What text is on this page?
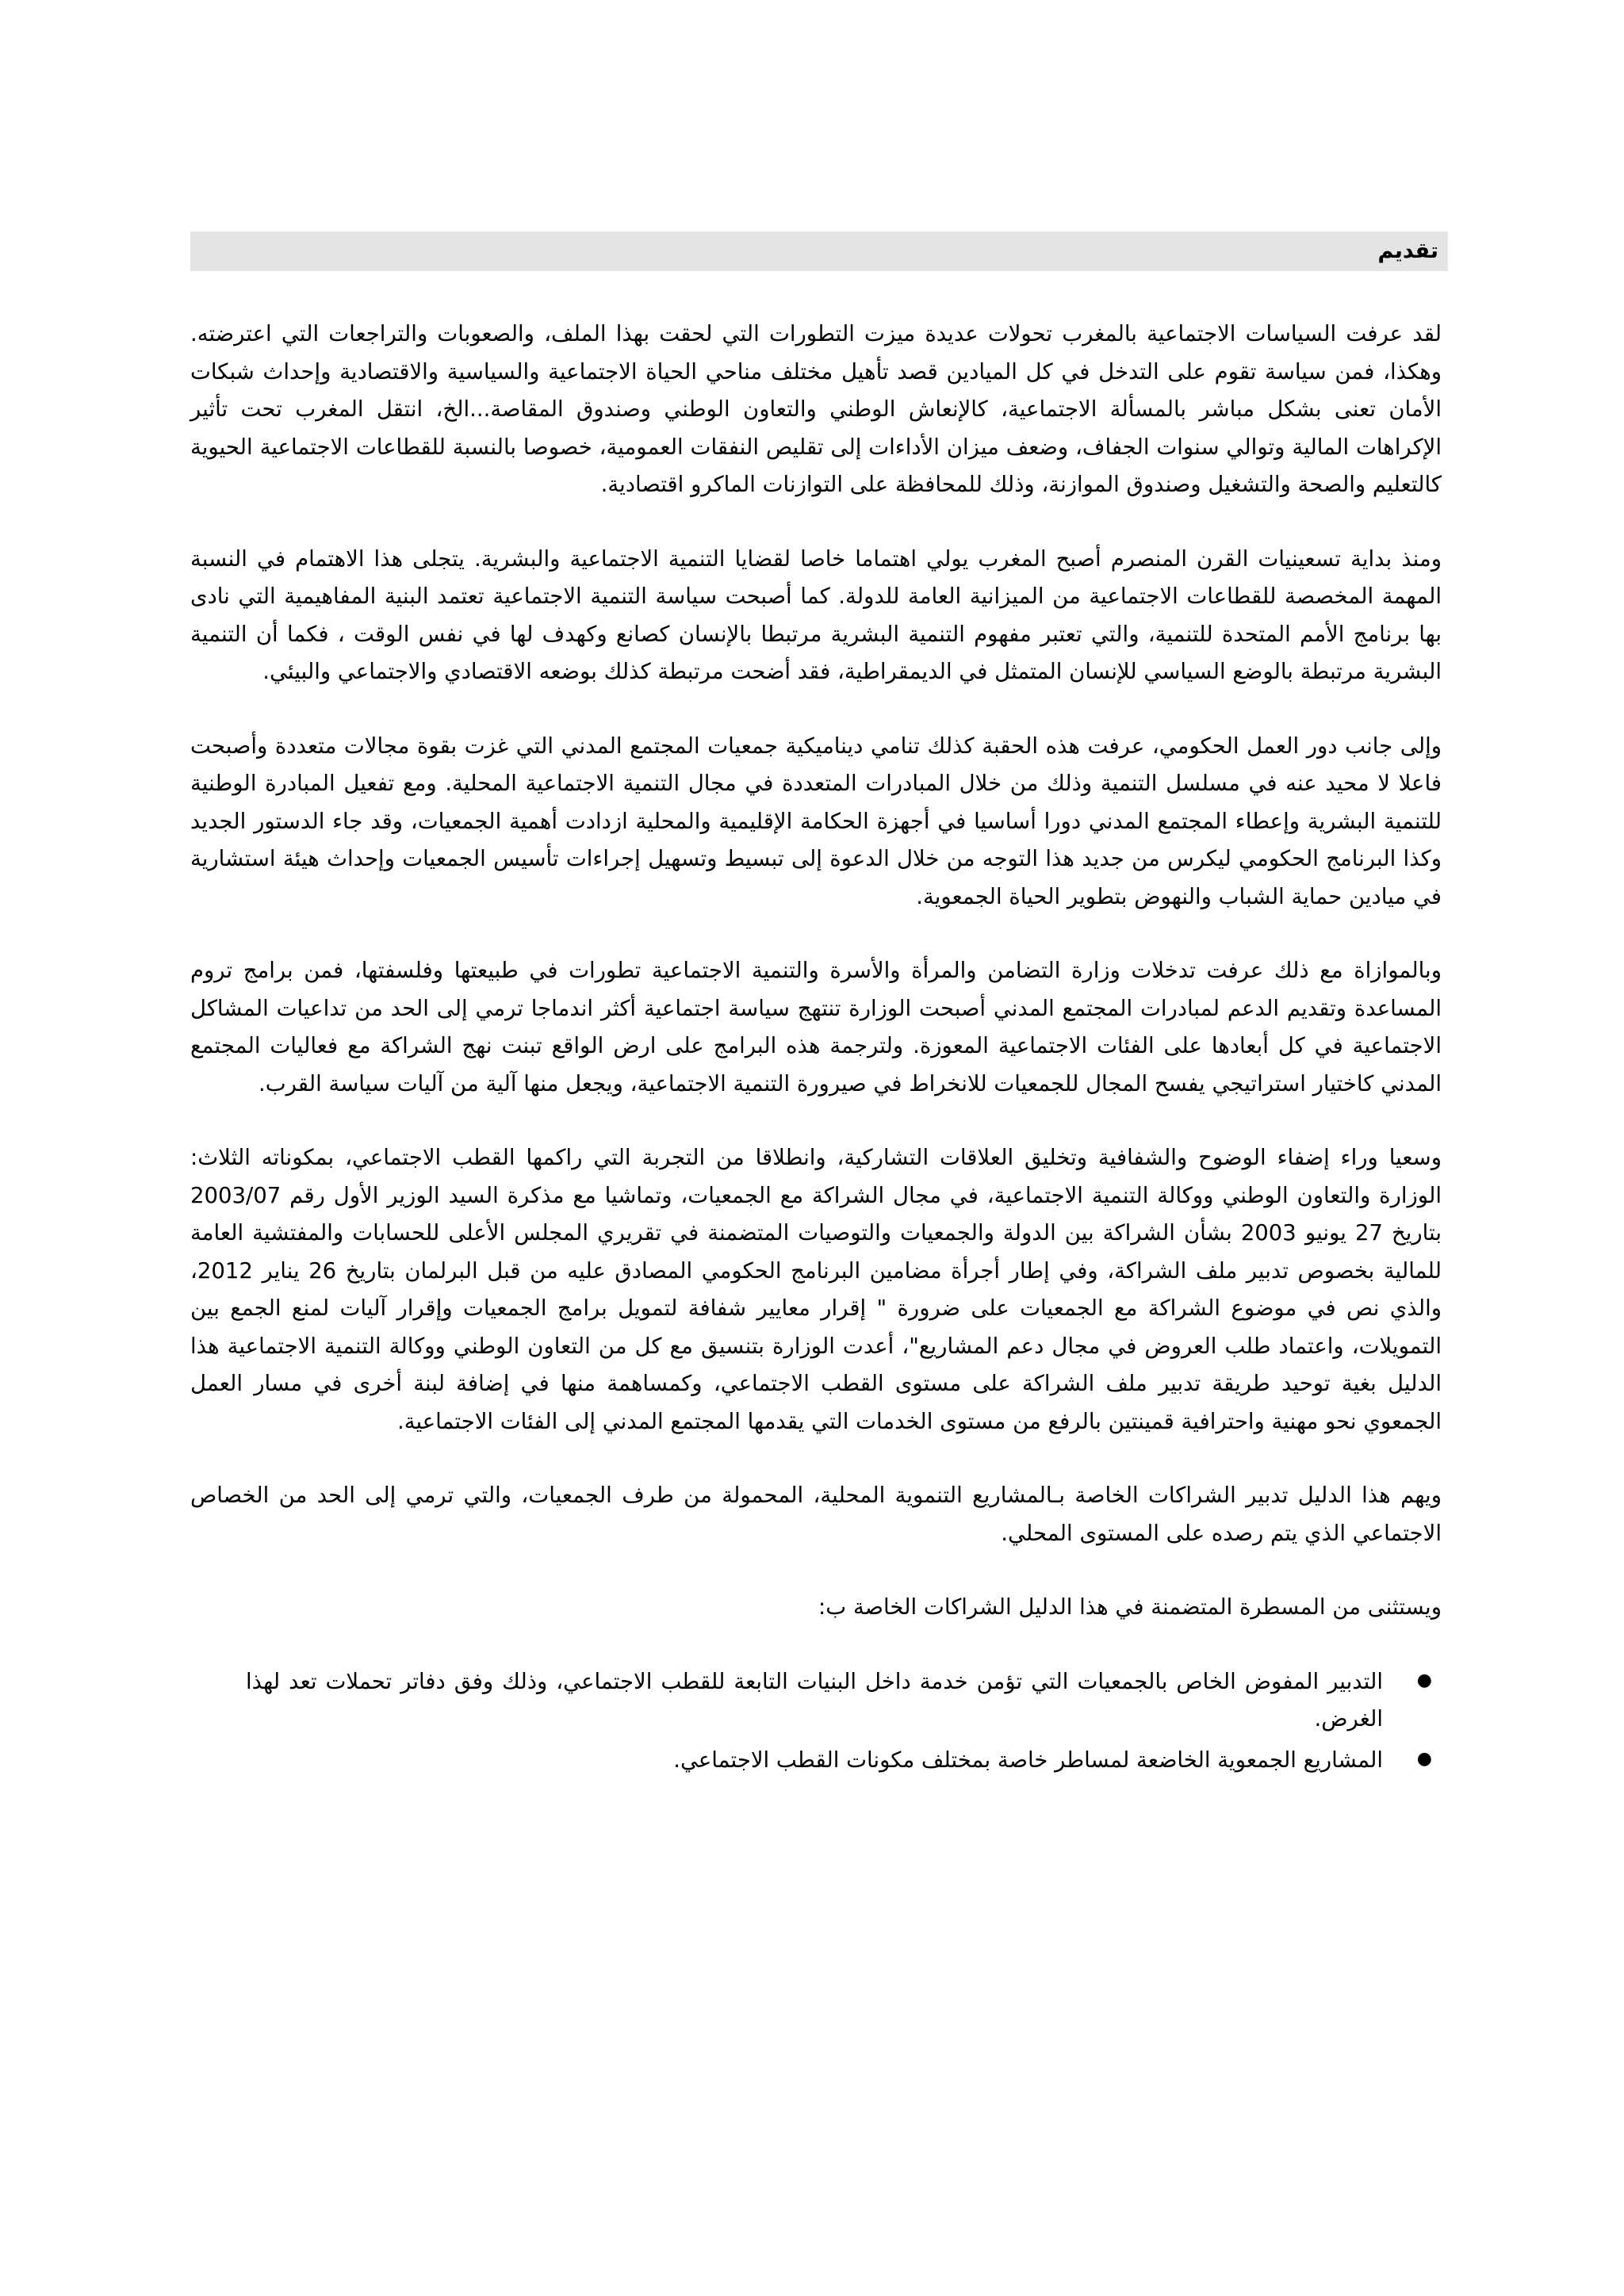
تقديم

لقد عرفت السياسات الاجتماعية بالمغرب تحولات عديدة ميزت التطورات التي لحقت بهذا الملف، والصعوبات والتراجعات التي اعترضته. وهكذا، فمن سياسة تقوم على التدخل في كل الميادين قصد تأهيل مختلف مناحي الحياة الاجتماعية والسياسية والاقتصادية وإحداث شبكات الأمان تعنى بشكل مباشر بالمسألة الاجتماعية، كالإنعاش الوطني والتعاون الوطني وصندوق المقاصة...الخ، انتقل المغرب تحت تأثير الإكراهات المالية وتوالي سنوات الجفاف، وضعف ميزان الأداءات إلى تقليص النفقات العمومية، خصوصا بالنسبة للقطاعات الاجتماعية الحيوية كالتعليم والصحة والتشغيل وصندوق الموازنة، وذلك للمحافظة على التوازنات الماكرو اقتصادية.

ومنذ بداية تسعينيات القرن المنصرم أصبح المغرب يولي اهتماما خاصا لقضايا التنمية الاجتماعية والبشرية. يتجلى هذا الاهتمام في النسبة المهمة المخصصة للقطاعات الاجتماعية من الميزانية العامة للدولة. كما أصبحت سياسة التنمية الاجتماعية تعتمد البنية المفاهيمية التي نادى بها برنامج الأمم المتحدة للتنمية، والتي تعتبر مفهوم التنمية البشرية مرتبطا بالإنسان كصانع وكهدف لها في نفس الوقت ، فكما أن التنمية البشرية مرتبطة بالوضع السياسي للإنسان المتمثل في الديمقراطية، فقد أضحت مرتبطة كذلك بوضعه الاقتصادي والاجتماعي والبيئي.

وإلى جانب دور العمل الحكومي، عرفت هذه الحقبة كذلك تنامي ديناميكية جمعيات المجتمع المدني التي غزت بقوة مجالات متعددة وأصبحت فاعلا لا محيد عنه في مسلسل التنمية وذلك من خلال المبادرات المتعددة في مجال التنمية الاجتماعية المحلية. ومع تفعيل المبادرة الوطنية للتنمية البشرية وإعطاء المجتمع المدني دورا أساسيا في أجهزة الحكامة الإقليمية والمحلية ازدادت أهمية الجمعيات، وقد جاء الدستور الجديد وكذا البرنامج الحكومي ليكرس من جديد هذا التوجه من خلال الدعوة إلى تبسيط وتسهيل إجراءات تأسيس الجمعيات وإحداث هيئة استشارية في ميادين حماية الشباب والنهوض بتطوير الحياة الجمعوية.

وبالموازاة مع ذلك عرفت تدخلات وزارة التضامن والمرأة والأسرة والتنمية الاجتماعية تطورات في طبيعتها وفلسفتها، فمن برامج تروم المساعدة وتقديم الدعم لمبادرات المجتمع المدني أصبحت الوزارة تنتهج سياسة اجتماعية أكثر اندماجا ترمي إلى الحد من تداعيات المشاكل الاجتماعية في كل أبعادها على الفئات الاجتماعية المعوزة. ولترجمة هذه البرامج على ارض الواقع تبنت نهج الشراكة مع فعاليات المجتمع المدني كاختيار استراتيجي يفسح المجال للجمعيات للانخراط في صيرورة التنمية الاجتماعية، ويجعل منها آلية من آليات سياسة القرب.

وسعيا وراء إضفاء الوضوح والشفافية وتخليق العلاقات التشاركية، وانطلاقا من التجربة التي راكمها القطب الاجتماعي، بمكوناته الثلاث: الوزارة والتعاون الوطني ووكالة التنمية الاجتماعية، في مجال الشراكة مع الجمعيات، وتماشيا مع مذكرة السيد الوزير الأول رقم 2003/07 بتاريخ 27 يونيو 2003 بشأن الشراكة بين الدولة والجمعيات والتوصيات المتضمنة في تقريري المجلس الأعلى للحسابات والمفتشية العامة للمالية بخصوص تدبير ملف الشراكة، وفي إطار أجرأة مضامين البرنامج الحكومي المصادق عليه من قبل البرلمان بتاريخ 26 يناير 2012، والذي نص في موضوع الشراكة مع الجمعيات على ضرورة " إقرار معايير شفافة لتمويل برامج الجمعيات وإقرار آليات لمنع الجمع بين التمويلات، واعتماد طلب العروض في مجال دعم المشاريع"، أعدت الوزارة بتنسيق مع كل من التعاون الوطني ووكالة التنمية الاجتماعية هذا الدليل بغية توحيد طريقة تدبير ملف الشراكة على مستوى القطب الاجتماعي، وكمساهمة منها في إضافة لبنة أخرى في مسار العمل الجمعوي نحو مهنية واحترافية قمينتين بالرفع من مستوى الخدمات التي يقدمها المجتمع المدني إلى الفئات الاجتماعية.

ويهم هذا الدليل تدبير الشراكات الخاصة بـالمشاريع التنموية المحلية، المحمولة من طرف الجمعيات، والتي ترمي إلى الحد من الخصاص الاجتماعي الذي يتم رصده على المستوى المحلي.

ويستثنى من المسطرة المتضمنة في هذا الدليل الشراكات الخاصة ب:

●
التدبير المفوض الخاص بالجمعيات التي تؤمن خدمة داخل البنيات التابعة للقطب الاجتماعي، وذلك وفق دفاتر تحملات تعد لهذا الغرض.
●
المشاريع الجمعوية الخاضعة لمساطر خاصة بمختلف مكونات القطب الاجتماعي.
